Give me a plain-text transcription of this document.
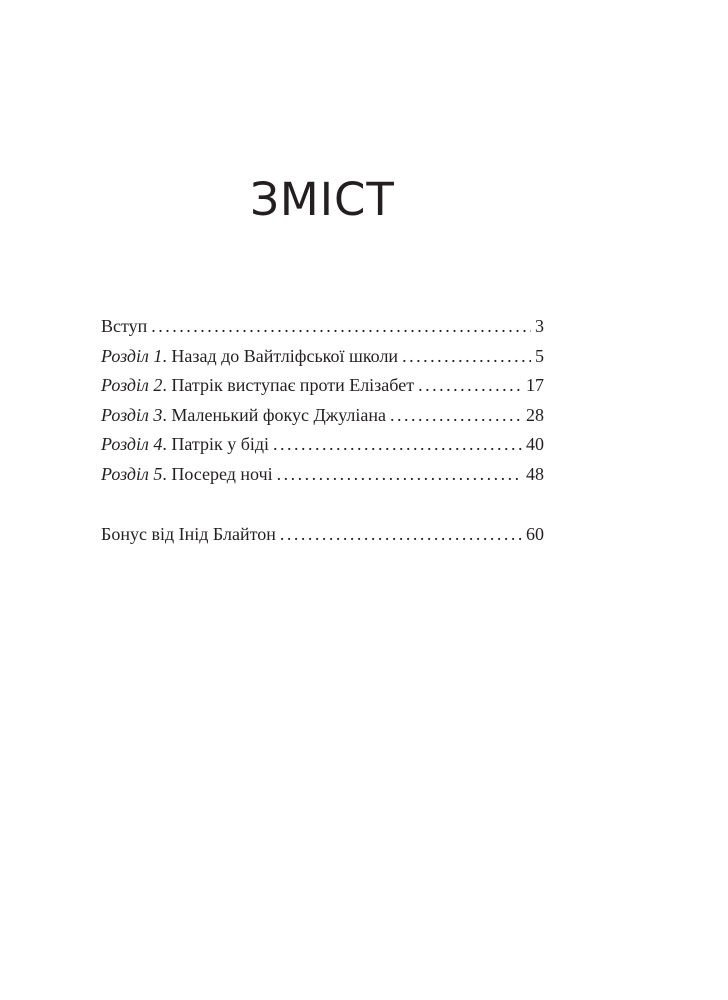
ЗМІСТ
Вступ . . .	3
Розділ 1. Назад до Вайтліфської школи . . .	5
Розділ 2. Патрік виступає проти Елізабет . . .	17
Розділ 3. Маленький фокус Джуліана . . .	28
Розділ 4. Патрік у біді . . .	40
Розділ 5. Посеред ночі . . .	48
Бонус від Інід Блайтон . . .	60
